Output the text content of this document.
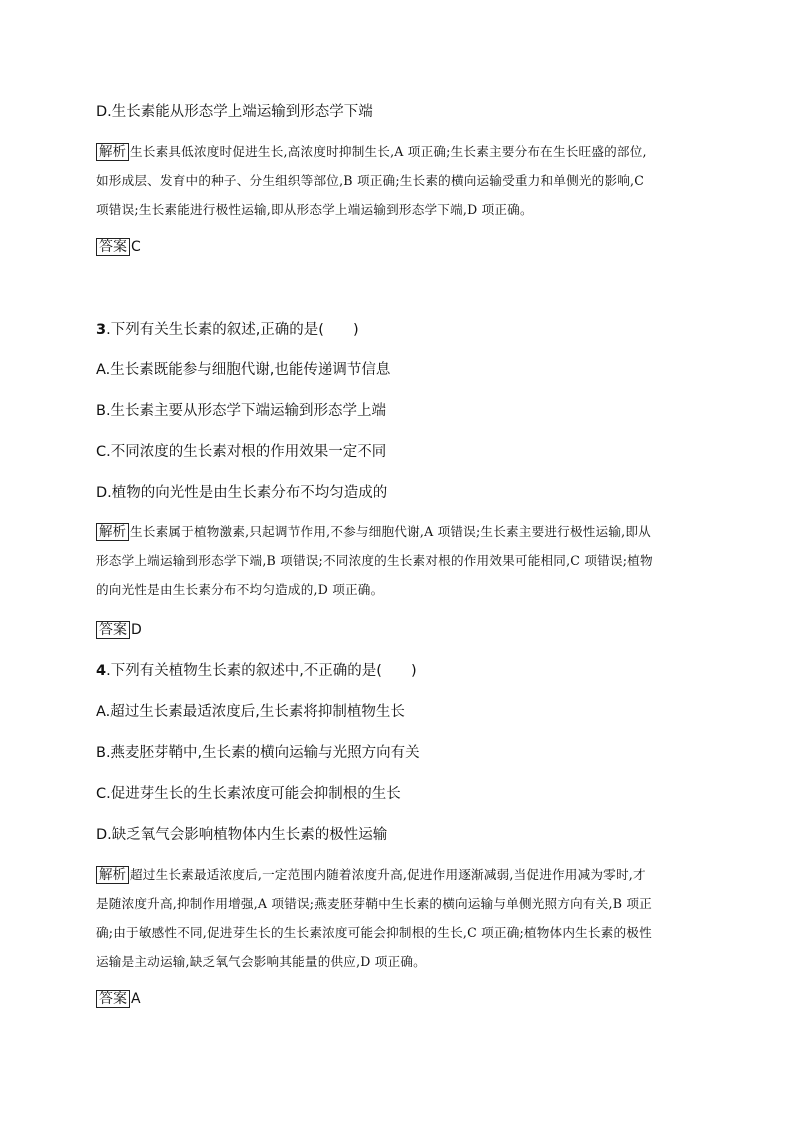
D.生长素能从形态学上端运输到形态学下端
解析 生长素具低浓度时促进生长,高浓度时抑制生长,A 项正确;生长素主要分布在生长旺盛的部位,
如形成层、发育中的种子、分生组织等部位,B 项正确;生长素的横向运输受重力和单侧光的影响,C
项错误;生长素能进行极性运输,即从形态学上端运输到形态学下端,D 项正确。
答案 C
3.下列有关生长素的叙述,正确的是(　　)
A.生长素既能参与细胞代谢,也能传递调节信息
B.生长素主要从形态学下端运输到形态学上端
C.不同浓度的生长素对根的作用效果一定不同
D.植物的向光性是由生长素分布不均匀造成的
解析 生长素属于植物激素,只起调节作用,不参与细胞代谢,A 项错误;生长素主要进行极性运输,即从
形态学上端运输到形态学下端,B 项错误;不同浓度的生长素对根的作用效果可能相同,C 项错误;植物
的向光性是由生长素分布不均匀造成的,D 项正确。
答案 D
4.下列有关植物生长素的叙述中,不正确的是(　　)
A.超过生长素最适浓度后,生长素将抑制植物生长
B.燕麦胚芽鞘中,生长素的横向运输与光照方向有关
C.促进芽生长的生长素浓度可能会抑制根的生长
D.缺乏氧气会影响植物体内生长素的极性运输
解析 超过生长素最适浓度后,一定范围内随着浓度升高,促进作用逐渐减弱,当促进作用减为零时,才
是随浓度升高,抑制作用增强,A 项错误;燕麦胚芽鞘中生长素的横向运输与单侧光照方向有关,B 项正
确;由于敏感性不同,促进芽生长的生长素浓度可能会抑制根的生长,C 项正确;植物体内生长素的极性
运输是主动运输,缺乏氧气会影响其能量的供应,D 项正确。
答案 A
